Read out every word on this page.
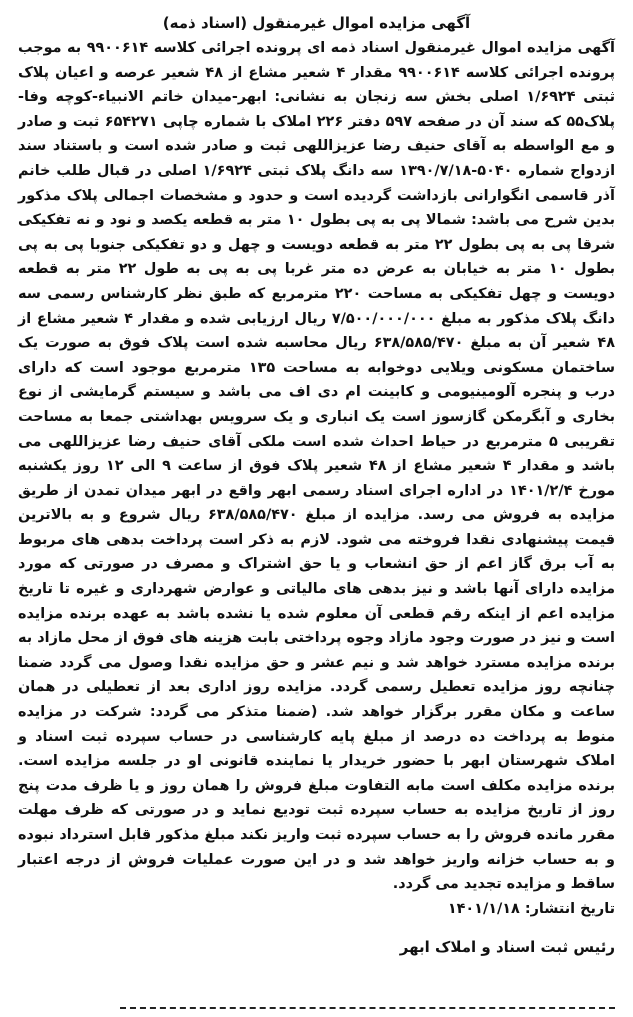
آگهی مزایده اموال غیرمنقول (اسناد ذمه)

آگهی مزایده اموال غیرمنقول اسناد ذمه ای پرونده اجرائی کلاسه ۹۹۰۰۶۱۴ به موجب پرونده اجرائی کلاسه ۹۹۰۰۶۱۴ مقدار ۴ شعیر مشاع از ۴۸ شعیر عرصه و اعیان پلاک ثبتی ۱/۶۹۲۴ اصلی بخش سه زنجان به نشانی: ابهر-میدان خاتم الانبیاء-کوچه وفا-پلاک۵۵ که سند آن در صفحه ۵۹۷ دفتر ۲۲۶ املاک با شماره چاپی ۶۵۴۲۷۱ ثبت و صادر و مع الواسطه به آقای حنیف رضا عزیزاللهی ثبت و صادر شده است و باستناد سند ازدواج شماره ۵۰۴۰-۱۳۹۰/۷/۱۸ سه دانگ پلاک ثبتی ۱/۶۹۲۴ اصلی در قبال طلب خانم آذر قاسمی انگوارانی بازداشت گردیده است و حدود و مشخصات اجمالی پلاک مذکور بدین شرح می باشد: شمالا پی به پی بطول ۱۰ متر به قطعه یکصد و نود و نه تفکیکی شرقا پی به پی بطول ۲۲ متر به قطعه دویست و چهل و دو تفکیکی جنوبا پی به پی بطول ۱۰ متر به خیابان به عرض ده متر غربا پی به پی به طول ۲۲ متر به قطعه دویست و چهل تفکیکی به مساحت ۲۲۰ مترمربع که طبق نظر کارشناس رسمی سه دانگ پلاک مذکور به مبلغ ۷/۵۰۰/۰۰۰/۰۰۰ ریال ارزیابی شده و مقدار ۴ شعیر مشاع از ۴۸ شعیر آن به مبلغ ۶۳۸/۵۸۵/۴۷۰ ریال محاسبه شده است پلاک فوق به صورت یک ساختمان مسکونی ویلایی دوخوابه به مساحت ۱۳۵ مترمربع موجود است که دارای درب و پنجره آلومینیومی و کابینت ام دی اف می باشد و سیستم گرمایشی از نوع بخاری و آبگرمکن گازسوز است یک انباری و یک سرویس بهداشتی جمعا به مساحت تقریبی ۵ مترمربع در حیاط احداث شده است ملکی آقای حنیف رضا عزیزاللهی می باشد و مقدار ۴ شعیر مشاع از ۴۸ شعیر پلاک فوق از ساعت ۹ الی ۱۲ روز یکشنبه مورخ ۱۴۰۱/۲/۴ در اداره اجرای اسناد رسمی ابهر واقع در ابهر میدان تمدن از طریق مزایده به فروش می رسد. مزایده از مبلغ ۶۳۸/۵۸۵/۴۷۰ ریال شروع و به بالاترین قیمت پیشنهادی نقدا فروخته می شود. لازم به ذکر است پرداخت بدهی های مربوط به آب برق گاز اعم از حق انشعاب و یا حق اشتراک و مصرف در صورتی که مورد مزایده دارای آنها باشد و نیز بدهی های مالیاتی و عوارض شهرداری و غیره تا تاریخ مزایده اعم از اینکه رقم قطعی آن معلوم شده یا نشده باشد به عهده برنده مزایده است و نیز در صورت وجود مازاد وجوه پرداختی بابت هزینه های فوق از محل مازاد به برنده مزایده مسترد خواهد شد و نیم عشر و حق مزایده نقدا وصول می گردد ضمنا چنانچه روز مزایده تعطیل رسمی گردد. مزایده روز اداری بعد از تعطیلی در همان ساعت و مکان مقرر برگزار خواهد شد. (ضمنا متذکر می گردد: شرکت در مزایده منوط به پرداخت ده درصد از مبلغ پایه کارشناسی در حساب سپرده ثبت اسناد و املاک شهرستان ابهر با حضور خریدار یا نماینده قانونی او در جلسه مزایده است. برنده مزایده مکلف است مابه التفاوت مبلغ فروش را همان روز و یا ظرف مدت پنج روز از تاریخ مزایده به حساب سپرده ثبت تودیع نماید و در صورتی که ظرف مهلت مقرر مانده فروش را به حساب سپرده ثبت واریز نکند مبلغ مذکور قابل استرداد نبوده و به حساب خزانه واریز خواهد شد و در این صورت عملیات فروش از درجه اعتبار ساقط و مزایده تجدید می گردد.

تاریخ انتشار: ۱۴۰۱/۱/۱۸

رئیس ثبت اسناد و املاک ابهر
